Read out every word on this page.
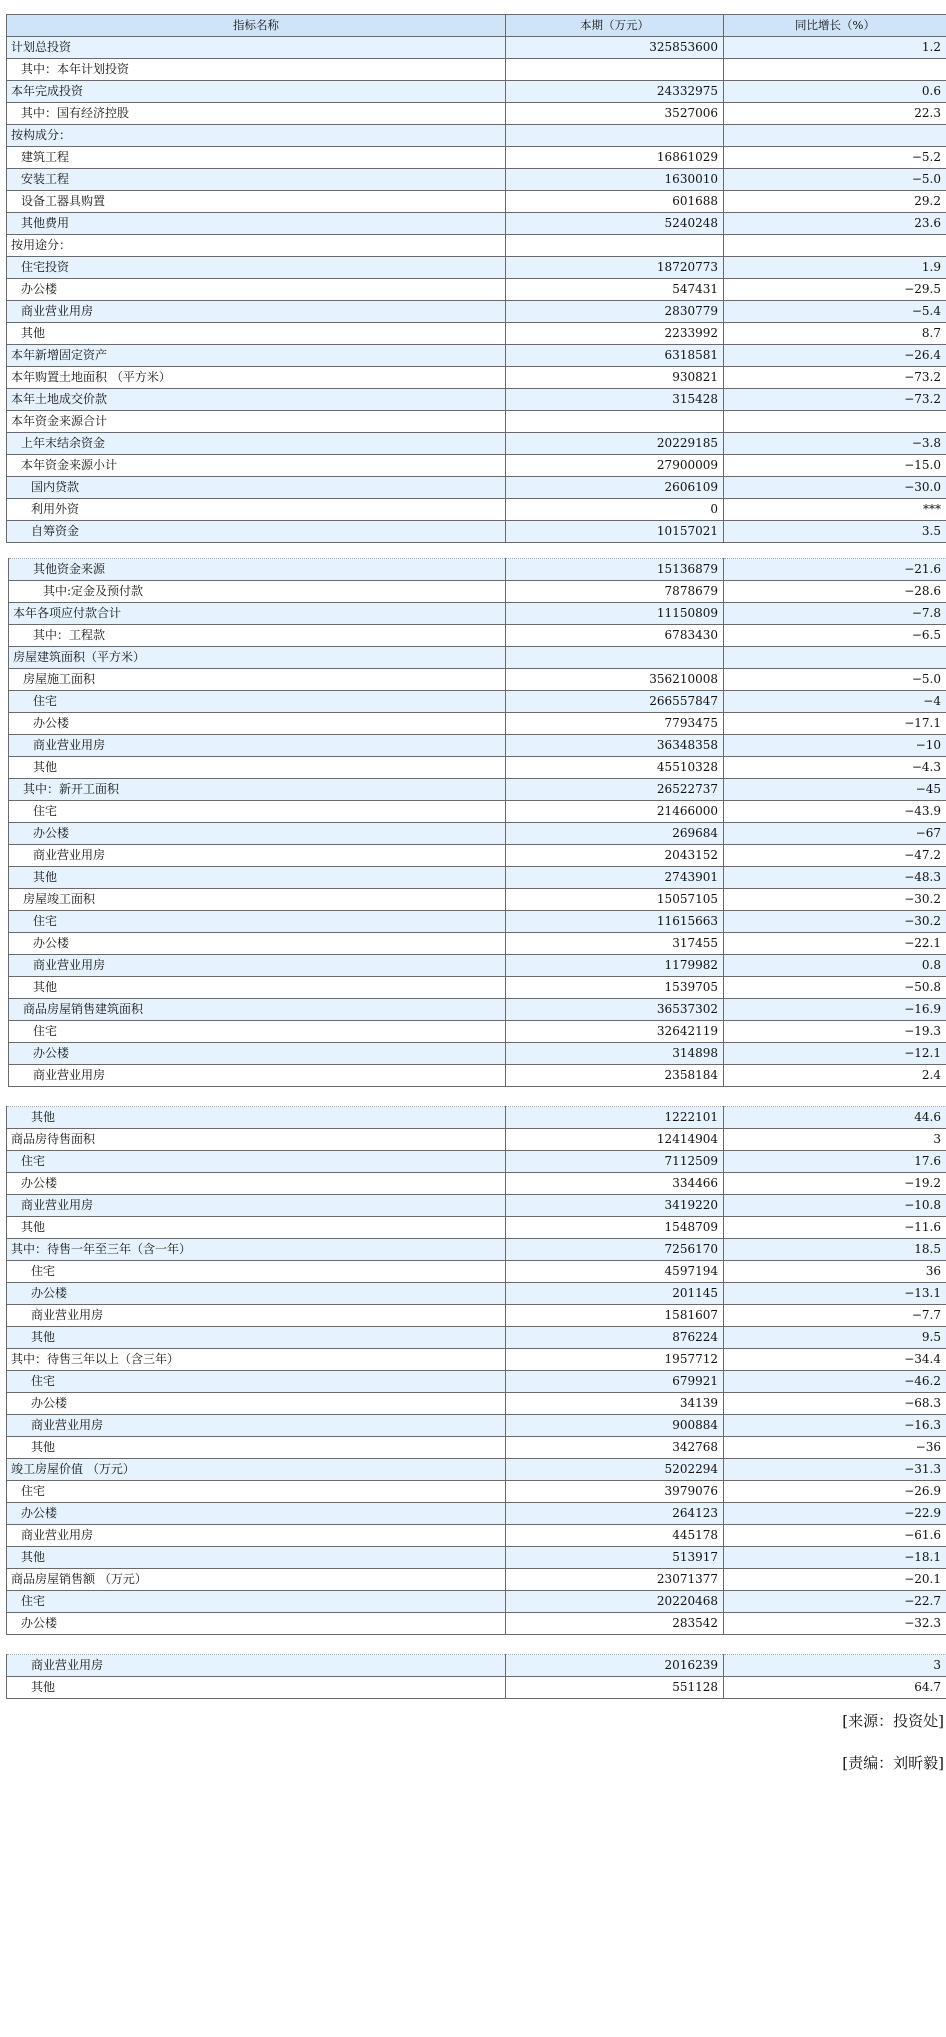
指标名称	本期（万元）	同比增长（%）
计划总投资	325853600	1.2
其中：本年计划投资		
本年完成投资	24332975	0.6
其中：国有经济控股	3527006	22.3
按构成分：		
建筑工程	16861029	−5.2
安装工程	1630010	−5.0
设备工器具购置	601688	29.2
其他费用	5240248	23.6
按用途分：		
住宅投资	18720773	1.9
办公楼	547431	−29.5
商业营业用房	2830779	−5.4
其他	2233992	8.7
本年新增固定资产	6318581	−26.4
本年购置土地面积 （平方米）	930821	−73.2
本年土地成交价款	315428	−73.2
本年资金来源合计		
上年末结余资金	20229185	−3.8
本年资金来源小计	27900009	−15.0
国内贷款	2606109	−30.0
利用外资	0	***
自筹资金	10157021	3.5
其他资金来源	15136879	−21.6
其中:定金及预付款	7878679	−28.6
本年各项应付款合计	11150809	−7.8
其中：工程款	6783430	−6.5
房屋建筑面积（平方米）		
房屋施工面积	356210008	−5.0
住宅	266557847	−4
办公楼	7793475	−17.1
商业营业用房	36348358	−10
其他	45510328	−4.3
其中：新开工面积	26522737	−45
住宅	21466000	−43.9
办公楼	269684	−67
商业营业用房	2043152	−47.2
其他	2743901	−48.3
房屋竣工面积	15057105	−30.2
住宅	11615663	−30.2
办公楼	317455	−22.1
商业营业用房	1179982	0.8
其他	1539705	−50.8
商品房屋销售建筑面积	36537302	−16.9
住宅	32642119	−19.3
办公楼	314898	−12.1
商业营业用房	2358184	2.4
其他	1222101	44.6
商品房待售面积	12414904	3
住宅	7112509	17.6
办公楼	334466	−19.2
商业营业用房	3419220	−10.8
其他	1548709	−11.6
其中：待售一年至三年（含一年）	7256170	18.5
住宅	4597194	36
办公楼	201145	−13.1
商业营业用房	1581607	−7.7
其他	876224	9.5
其中：待售三年以上（含三年）	1957712	−34.4
住宅	679921	−46.2
办公楼	34139	−68.3
商业营业用房	900884	−16.3
其他	342768	−36
竣工房屋价值 （万元）	5202294	−31.3
住宅	3979076	−26.9
办公楼	264123	−22.9
商业营业用房	445178	−61.6
其他	513917	−18.1
商品房屋销售额 （万元）	23071377	−20.1
住宅	20220468	−22.7
办公楼	283542	−32.3
商业营业用房	2016239	3
其他	551128	64.7
[来源：投资处]
[责编：刘昕毅]
